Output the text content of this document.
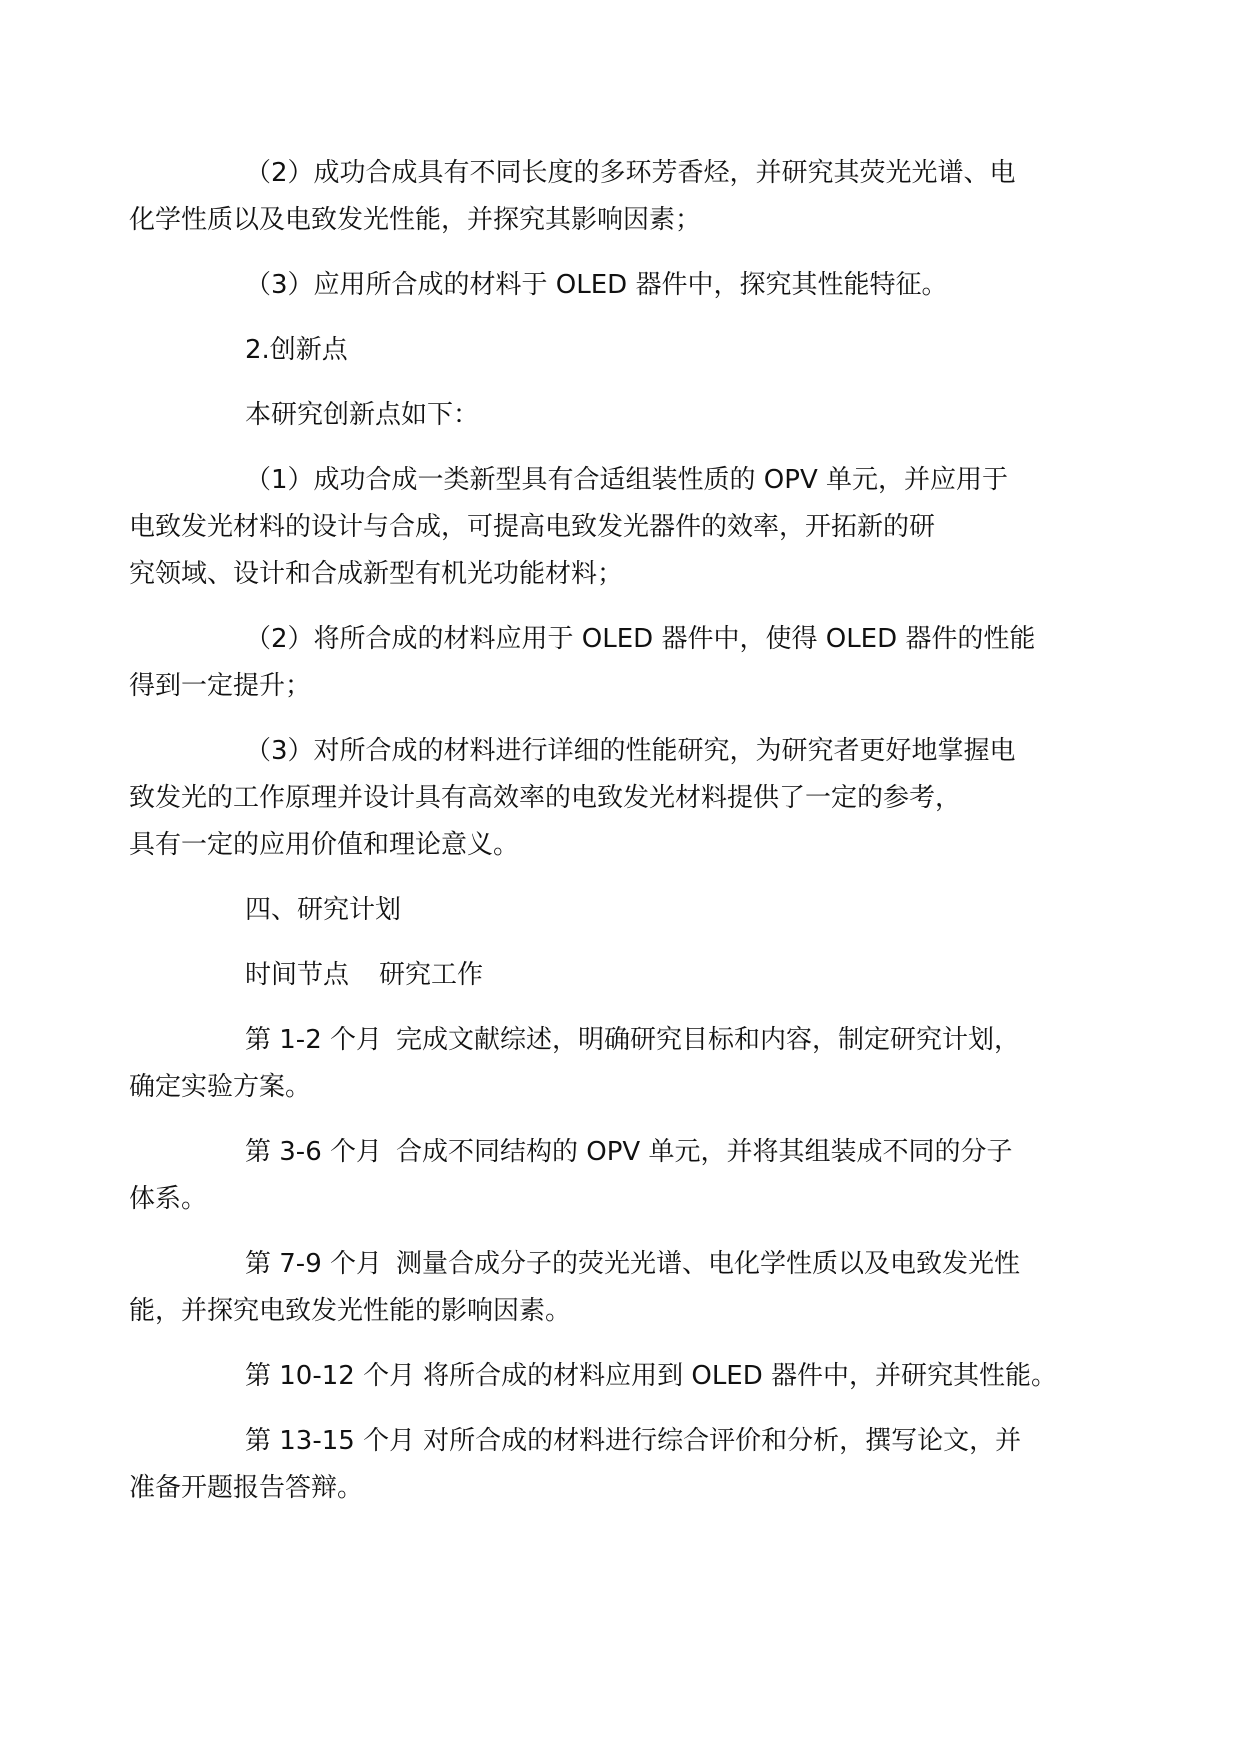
（2）成功合成具有不同长度的多环芳香烃，并研究其荧光光谱、电
化学性质以及电致发光性能，并探究其影响因素；

（3）应用所合成的材料于 OLED 器件中，探究其性能特征。

2.创新点

本研究创新点如下：

（1）成功合成一类新型具有合适组装性质的 OPV 单元，并应用于
电致发光材料的设计与合成，可提高电致发光器件的效率，开拓新的研
究领域、设计和合成新型有机光功能材料；

（2）将所合成的材料应用于 OLED 器件中，使得 OLED 器件的性能
得到一定提升；

（3）对所合成的材料进行详细的性能研究，为研究者更好地掌握电
致发光的工作原理并设计具有高效率的电致发光材料提供了一定的参考，
具有一定的应用价值和理论意义。

四、研究计划

时间节点 研究工作

第 1-2 个月 完成文献综述，明确研究目标和内容，制定研究计划，
确定实验方案。

第 3-6 个月 合成不同结构的 OPV 单元，并将其组装成不同的分子
体系。

第 7-9 个月 测量合成分子的荧光光谱、电化学性质以及电致发光性
能，并探究电致发光性能的影响因素。

第 10-12 个月 将所合成的材料应用到 OLED 器件中，并研究其性能。

第 13-15 个月 对所合成的材料进行综合评价和分析，撰写论文，并
准备开题报告答辩。
